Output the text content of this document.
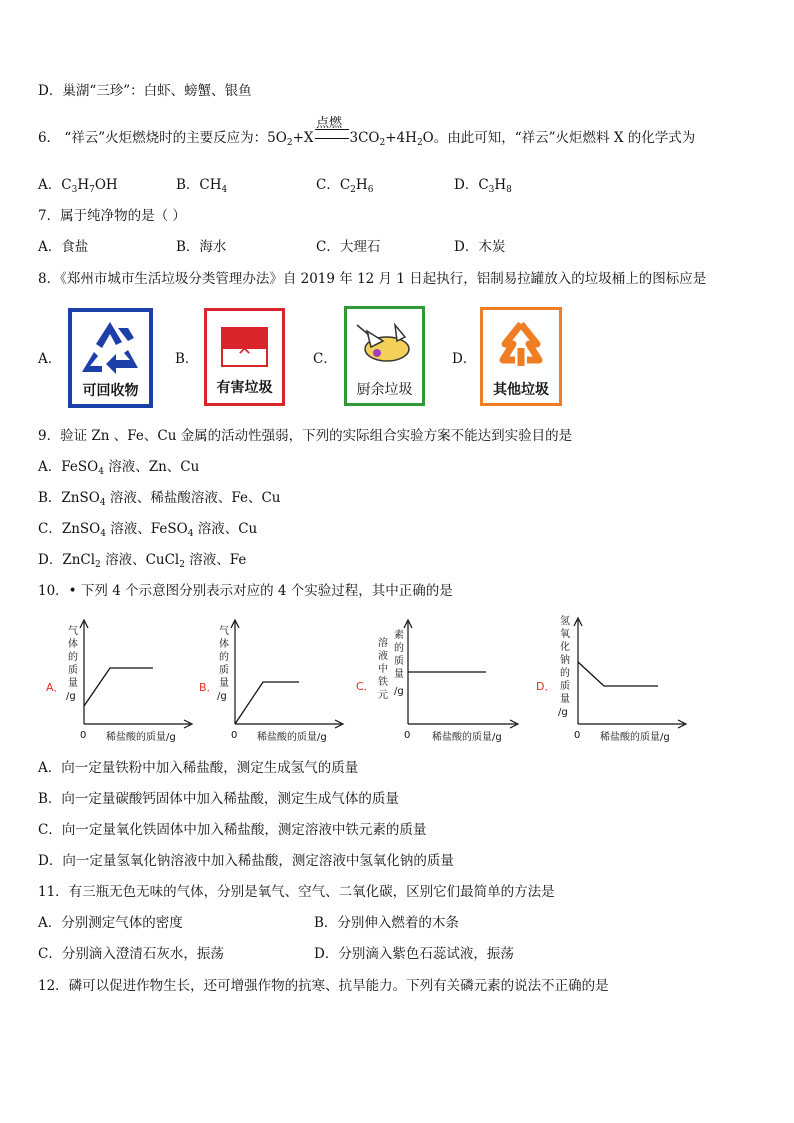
D．巢湖“三珍”：白虾、螃蟹、银鱼
6． “祥云”火炬燃烧时的主要反应为：$5O_2+X$	$3CO_2+4H_2O$。由此可知，“祥云”火炬燃料 X 的化学式为
点燃
A．$C_3H_7OH$	B．$CH_4$	C．$C_2H_6$	D．$C_3H_8$
7．属于纯净物的是（ ）
A．食盐	B．海水	C．大理石	D．木炭
8．《郑州市城市生活垃圾分类管理办法》自 2019 年 12 月 1 日起执行，铝制易拉罐放入的垃圾桶上的图标应是
A．
可回收物
B． ✕
有害垃圾
C．
厨余垃圾
D．
其他垃圾
9．验证 Zn 、Fe、Cu 金属的活动性强弱，下列的实际组合实验方案不能达到实验目的是
A．FeSO$_4$ 溶液、Zn、Cu
B．ZnSO$_4$ 溶液、稀盐酸溶液、Fe、Cu
C．ZnSO$_4$ 溶液、FeSO$_4$ 溶液、Cu
D．ZnCl$_2$ 溶液、CuCl$_2$ 溶液、Fe
10．• 下列 4 个示意图分别表示对应的 4 个实验过程，其中正确的是
A．
气
体
的
质
量
/g
0 稀盐酸的质量/g
B．
气
体
的
质
量
/g
0 稀盐酸的质量/g
C．
溶
液
中
铁
素
的
质
量
元 /g
0 稀盐酸的质量/g
D．
氢
氧
化
钠
的
质
量
/g
0 稀盐酸的质量/g
A．向一定量铁粉中加入稀盐酸，测定生成氢气的质量
B．向一定量碳酸钙固体中加入稀盐酸，测定生成气体的质量
C．向一定量氧化铁固体中加入稀盐酸，测定溶液中铁元素的质量
D．向一定量氢氧化钠溶液中加入稀盐酸，测定溶液中氢氧化钠的质量
11．有三瓶无色无味的气体，分别是氧气、空气、二氧化碳，区别它们最简单的方法是
A．分别测定气体的密度	B．分别伸入燃着的木条
C．分别滴入澄清石灰水，振荡	D．分别滴入紫色石蕊试液，振荡
12．磷可以促进作物生长，还可增强作物的抗寒、抗旱能力。下列有关磷元素的说法不正确的是
